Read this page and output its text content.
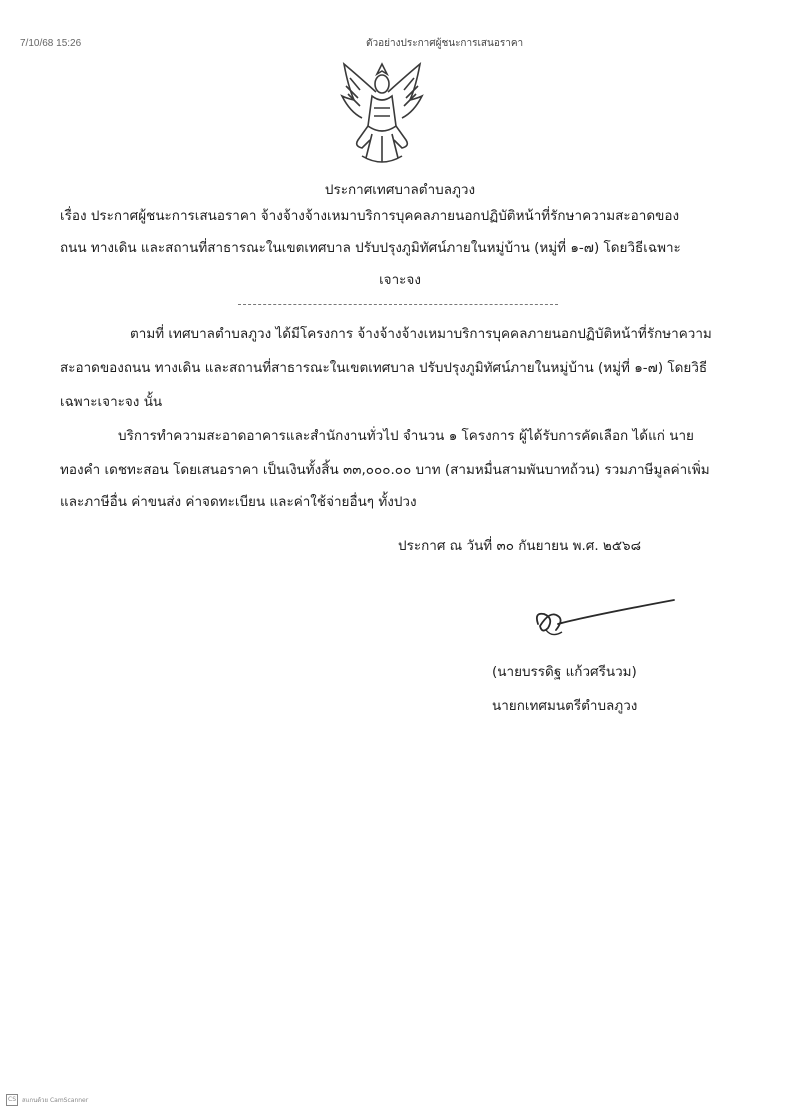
7/10/68 15:26	ตัวอย่างประกาศผู้ชนะการเสนอราคา
ประกาศเทศบาลตำบลภูวง
เรื่อง ประกาศผู้ชนะการเสนอราคา จ้างจ้างจ้างเหมาบริการบุคคลภายนอกปฏิบัติหน้าที่รักษาความสะอาดของ
ถนน ทางเดิน และสถานที่สาธารณะในเขตเทศบาล ปรับปรุงภูมิทัศน์ภายในหมู่บ้าน (หมู่ที่ ๑-๗) โดยวิธีเฉพาะ
เจาะจง
ตามที่ เทศบาลตำบลภูวง ได้มีโครงการ จ้างจ้างจ้างเหมาบริการบุคคลภายนอกปฏิบัติหน้าที่รักษาความ
สะอาดของถนน ทางเดิน และสถานที่สาธารณะในเขตเทศบาล ปรับปรุงภูมิทัศน์ภายในหมู่บ้าน (หมู่ที่ ๑-๗) โดยวิธี
เฉพาะเจาะจง นั้น
บริการทำความสะอาดอาคารและสำนักงานทั่วไป จำนวน ๑ โครงการ ผู้ได้รับการคัดเลือก ได้แก่ นาย
ทองคำ เดชทะสอน โดยเสนอราคา เป็นเงินทั้งสิ้น ๓๓,๐๐๐.๐๐ บาท (สามหมื่นสามพันบาทถ้วน) รวมภาษีมูลค่าเพิ่ม
และภาษีอื่น ค่าขนส่ง ค่าจดทะเบียน และค่าใช้จ่ายอื่นๆ ทั้งปวง
ประกาศ ณ วันที่ ๓๐ กันยายน พ.ศ. ๒๕๖๘
(นายบรรดิฐ แก้วศรีนวม)
นายกเทศมนตรีตำบลภูวง
CS	สแกนด้วย CamScanner
